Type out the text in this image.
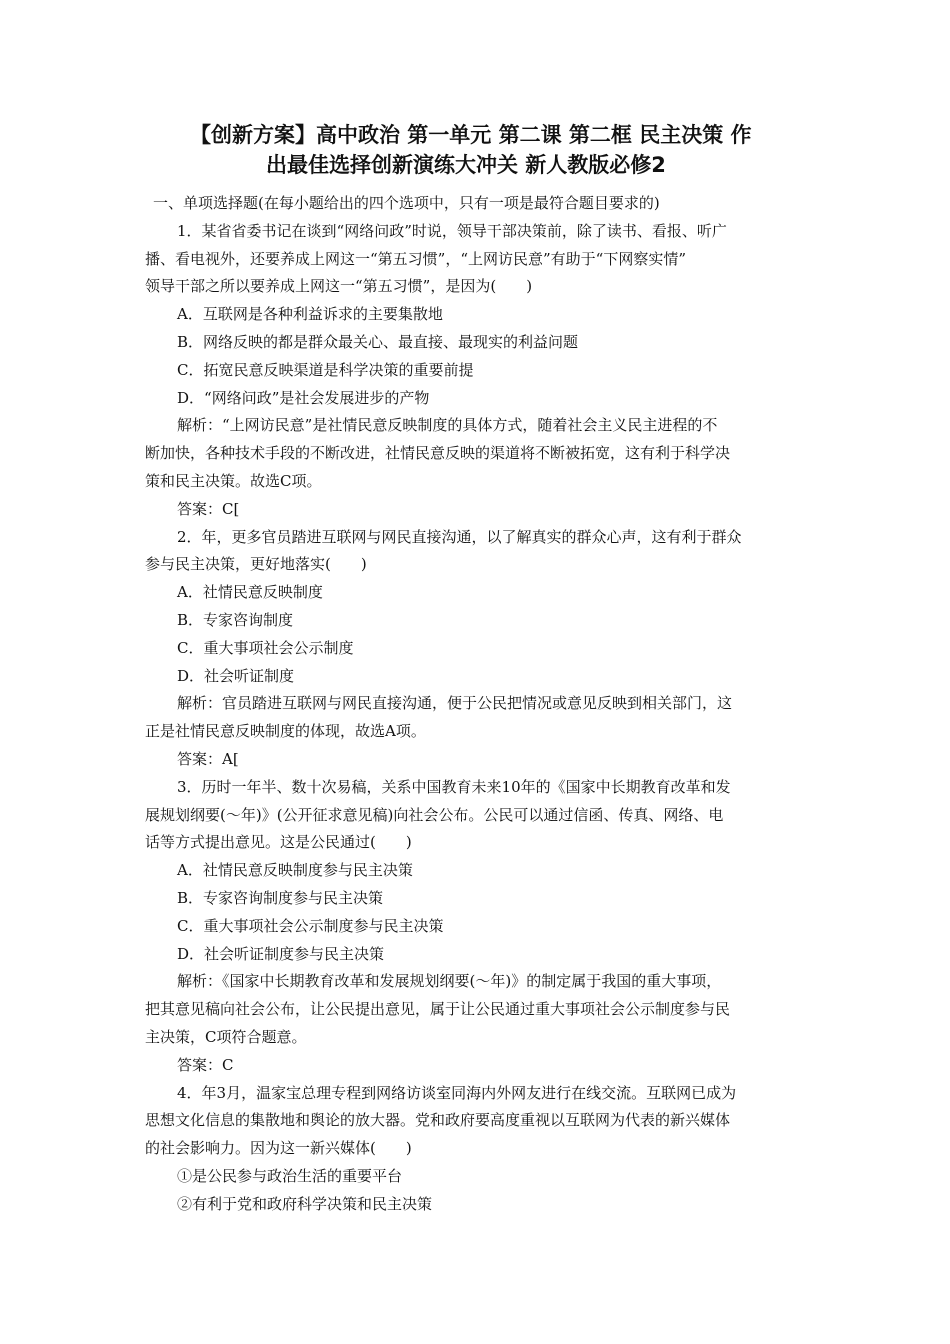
【创新方案】高中政治 第一单元 第二课 第二框 民主决策 作
出最佳选择创新演练大冲关 新人教版必修2
一、单项选择题(在每小题给出的四个选项中，只有一项是最符合题目要求的)
1．某省省委书记在谈到“网络问政”时说，领导干部决策前，除了读书、看报、听广
播、看电视外，还要养成上网这一“第五习惯”，“上网访民意”有助于“下网察实情”
领导干部之所以要养成上网这一“第五习惯”，是因为(　　)
A．互联网是各种利益诉求的主要集散地
B．网络反映的都是群众最关心、最直接、最现实的利益问题
C．拓宽民意反映渠道是科学决策的重要前提
D．“网络问政”是社会发展进步的产物
解析：“上网访民意”是社情民意反映制度的具体方式，随着社会主义民主进程的不
断加快，各种技术手段的不断改进，社情民意反映的渠道将不断被拓宽，这有利于科学决
策和民主决策。故选C项。
答案：C[
2．年，更多官员踏进互联网与网民直接沟通，以了解真实的群众心声，这有利于群众
参与民主决策，更好地落实(　　)
A．社情民意反映制度
B．专家咨询制度
C．重大事项社会公示制度
D．社会听证制度
解析：官员踏进互联网与网民直接沟通，便于公民把情况或意见反映到相关部门，这
正是社情民意反映制度的体现，故选A项。
答案：A[
3．历时一年半、数十次易稿，关系中国教育未来10年的《国家中长期教育改革和发
展规划纲要(～年)》(公开征求意见稿)向社会公布。公民可以通过信函、传真、网络、电
话等方式提出意见。这是公民通过(　　)
A．社情民意反映制度参与民主决策
B．专家咨询制度参与民主决策
C．重大事项社会公示制度参与民主决策
D．社会听证制度参与民主决策
解析：《国家中长期教育改革和发展规划纲要(～年)》的制定属于我国的重大事项，
把其意见稿向社会公布，让公民提出意见，属于让公民通过重大事项社会公示制度参与民
主决策，C项符合题意。
答案：C
4．年3月，温家宝总理专程到网络访谈室同海内外网友进行在线交流。互联网已成为
思想文化信息的集散地和舆论的放大器。党和政府要高度重视以互联网为代表的新兴媒体
的社会影响力。因为这一新兴媒体(　　)
①是公民参与政治生活的重要平台
②有利于党和政府科学决策和民主决策
